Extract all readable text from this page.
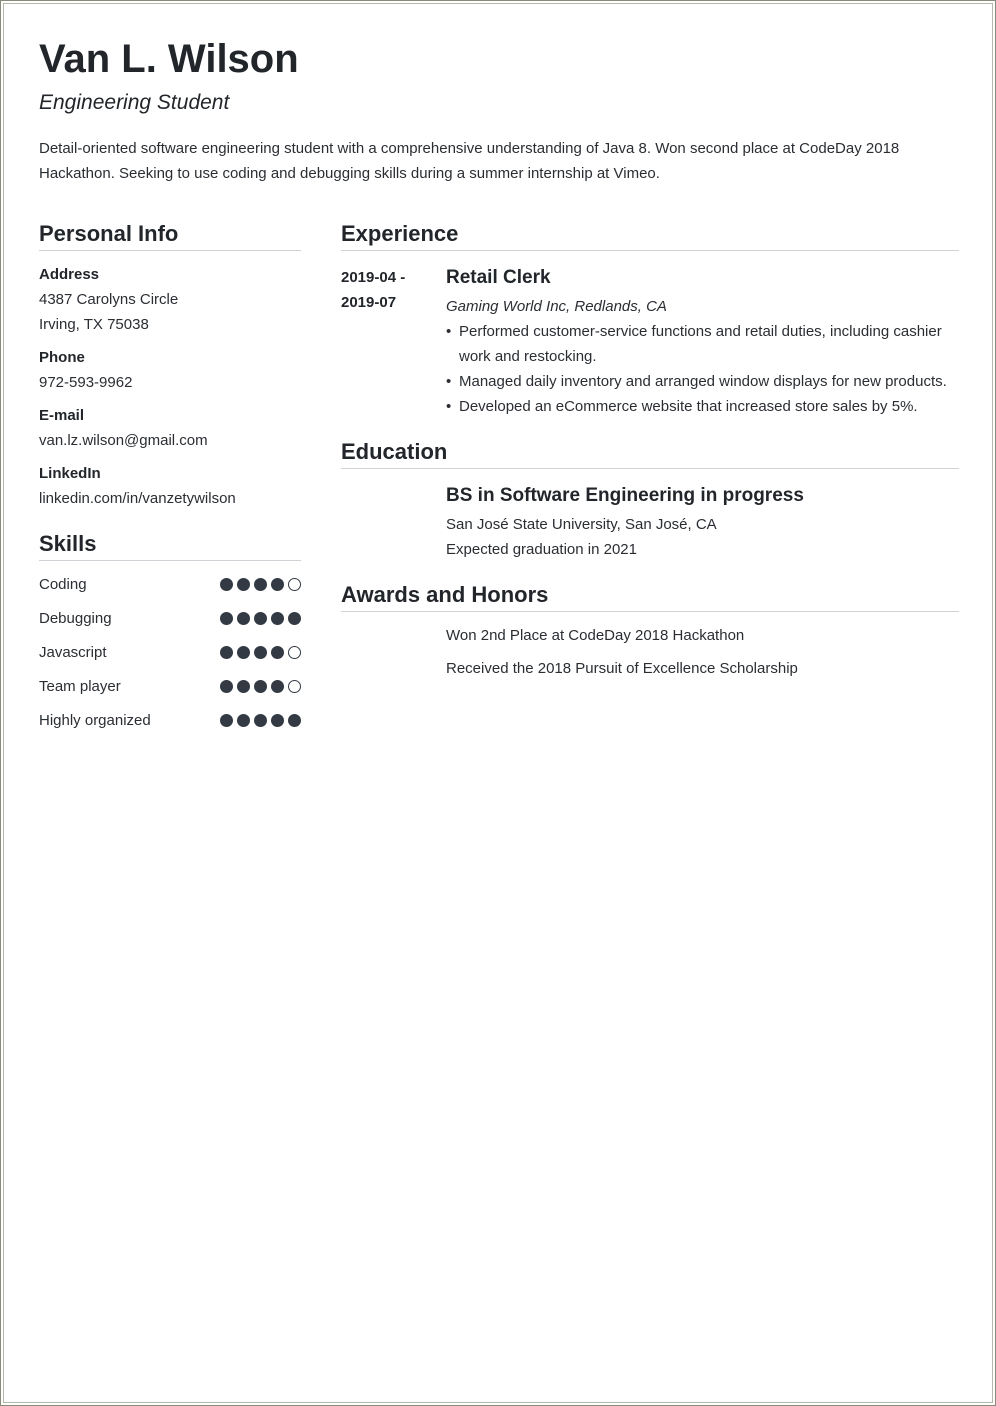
Van L. Wilson
Engineering Student

Detail-oriented software engineering student with a comprehensive understanding of Java 8. Won second place at CodeDay 2018 Hackathon. Seeking to use coding and debugging skills during a summer internship at Vimeo.

Personal Info
Address
4387 Carolyns Circle
Irving, TX 75038
Phone
972-593-9962
E-mail
van.lz.wilson@gmail.com
LinkedIn
linkedin.com/in/vanzetywilson
Skills
Coding
Debugging
Javascript
Team player
Highly organized
Experience
2019-04 -
2019-07
Retail Clerk
Gaming World Inc, Redlands, CA
• Performed customer-service functions and retail duties, including cashier work and restocking.
• Managed daily inventory and arranged window displays for new products.
• Developed an eCommerce website that increased store sales by 5%.
Education
BS in Software Engineering in progress
San José State University, San José, CA
Expected graduation in 2021
Awards and Honors
Won 2nd Place at CodeDay 2018 Hackathon
Received the 2018 Pursuit of Excellence Scholarship
